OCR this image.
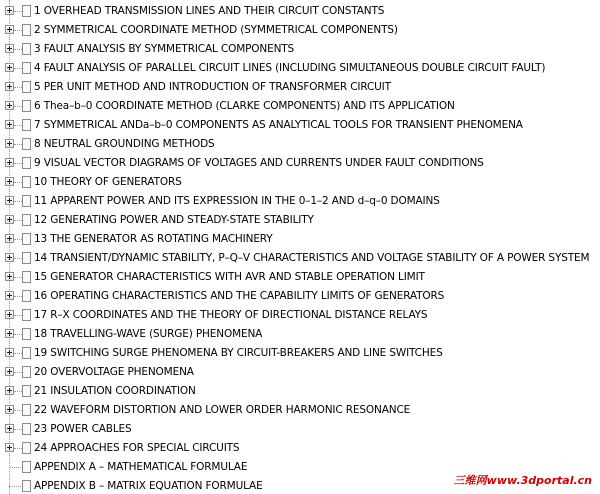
1 OVERHEAD TRANSMISSION LINES AND THEIR CIRCUIT CONSTANTS
2 SYMMETRICAL COORDINATE METHOD (SYMMETRICAL COMPONENTS)
3 FAULT ANALYSIS BY SYMMETRICAL COMPONENTS
4 FAULT ANALYSIS OF PARALLEL CIRCUIT LINES (INCLUDING SIMULTANEOUS DOUBLE CIRCUIT FAULT)
5 PER UNIT METHOD AND INTRODUCTION OF TRANSFORMER CIRCUIT
6 Thea–b–0 COORDINATE METHOD (CLARKE COMPONENTS) AND ITS APPLICATION
7 SYMMETRICAL ANDa–b–0 COMPONENTS AS ANALYTICAL TOOLS FOR TRANSIENT PHENOMENA
8 NEUTRAL GROUNDING METHODS
9 VISUAL VECTOR DIAGRAMS OF VOLTAGES AND CURRENTS UNDER FAULT CONDITIONS
10 THEORY OF GENERATORS
11 APPARENT POWER AND ITS EXPRESSION IN THE 0–1–2 AND d–q–0 DOMAINS
12 GENERATING POWER AND STEADY-STATE STABILITY
13 THE GENERATOR AS ROTATING MACHINERY
14 TRANSIENT/DYNAMIC STABILITY, P–Q–V CHARACTERISTICS AND VOLTAGE STABILITY OF A POWER SYSTEM
15 GENERATOR CHARACTERISTICS WITH AVR AND STABLE OPERATION LIMIT
16 OPERATING CHARACTERISTICS AND THE CAPABILITY LIMITS OF GENERATORS
17 R–X COORDINATES AND THE THEORY OF DIRECTIONAL DISTANCE RELAYS
18 TRAVELLING-WAVE (SURGE) PHENOMENA
19 SWITCHING SURGE PHENOMENA BY CIRCUIT-BREAKERS AND LINE SWITCHES
20 OVERVOLTAGE PHENOMENA
21 INSULATION COORDINATION
22 WAVEFORM DISTORTION AND LOWER ORDER HARMONIC RESONANCE
23 POWER CABLES
24 APPROACHES FOR SPECIAL CIRCUITS
APPENDIX A – MATHEMATICAL FORMULAE
APPENDIX B – MATRIX EQUATION FORMULAE	三维网www.3dportal.cn
